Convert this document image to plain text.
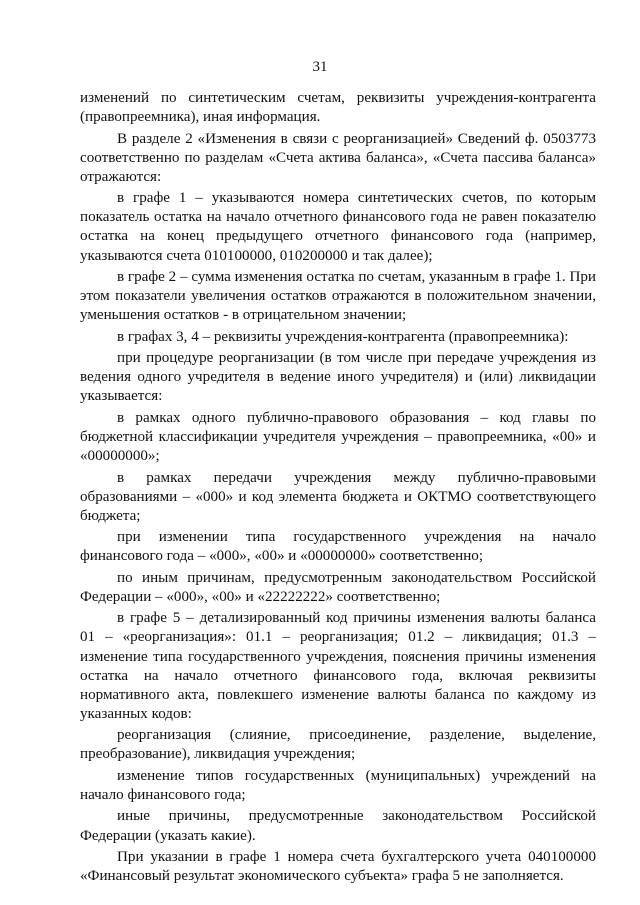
31

изменений по синтетическим счетам, реквизиты учреждения-контрагента (правопреемника), иная информация.

В разделе 2 «Изменения в связи с реорганизацией» Сведений ф. 0503773 соответственно по разделам «Счета актива баланса», «Счета пассива баланса» отражаются:

в графе 1 – указываются номера синтетических счетов, по которым показатель остатка на начало отчетного финансового года не равен показателю остатка на конец предыдущего отчетного финансового года (например, указываются счета 010100000, 010200000 и так далее);

в графе 2 – сумма изменения остатка по счетам, указанным в графе 1. При этом показатели увеличения остатков отражаются в положительном значении, уменьшения остатков - в отрицательном значении;

в графах 3, 4 – реквизиты учреждения-контрагента (правопреемника):

при процедуре реорганизации (в том числе при передаче учреждения из ведения одного учредителя в ведение иного учредителя) и (или) ликвидации указывается:

в рамках одного публично-правового образования – код главы по бюджетной классификации учредителя учреждения – правопреемника, «00» и «00000000»;

в рамках передачи учреждения между публично-правовыми образованиями – «000» и код элемента бюджета и ОКТМО соответствующего бюджета;

при изменении типа государственного учреждения на начало финансового года – «000», «00» и «00000000» соответственно;

по иным причинам, предусмотренным законодательством Российской Федерации – «000», «00» и «22222222» соответственно;

в графе 5 – детализированный код причины изменения валюты баланса 01 – «реорганизация»: 01.1 – реорганизация; 01.2 – ликвидация; 01.3 – изменение типа государственного учреждения, пояснения причины изменения остатка на начало отчетного финансового года, включая реквизиты нормативного акта, повлекшего изменение валюты баланса по каждому из указанных кодов:

реорганизация (слияние, присоединение, разделение, выделение, преобразование), ликвидация учреждения;

изменение типов государственных (муниципальных) учреждений на начало финансового года;

иные причины, предусмотренные законодательством Российской Федерации (указать какие).

При указании в графе 1 номера счета бухгалтерского учета 040100000 «Финансовый результат экономического субъекта» графа 5 не заполняется.
